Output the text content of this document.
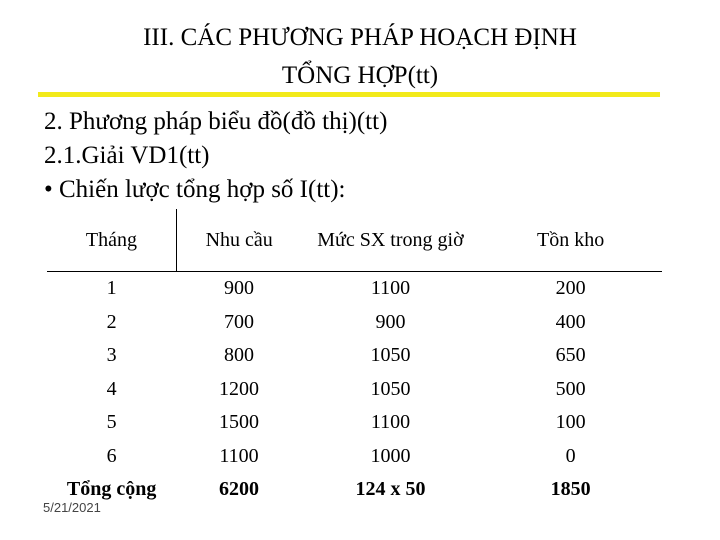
III. CÁC PHƯƠNG PHÁP HOẠCH ĐỊNH
TỔNG HỢP(tt)
2. Phương pháp biểu đồ(đồ thị)(tt)
2.1.Giải VD1(tt)
• Chiến lược tổng hợp số I(tt):
Tháng	Nhu cầu	Mức SX trong giờ	Tồn kho
1	900	1100	200
2	700	900	400
3	800	1050	650
4	1200	1050	500
5	1500	1100	100
6	1100	1000	0
Tổng cộng	6200	124 x 50	1850
5/21/2021
